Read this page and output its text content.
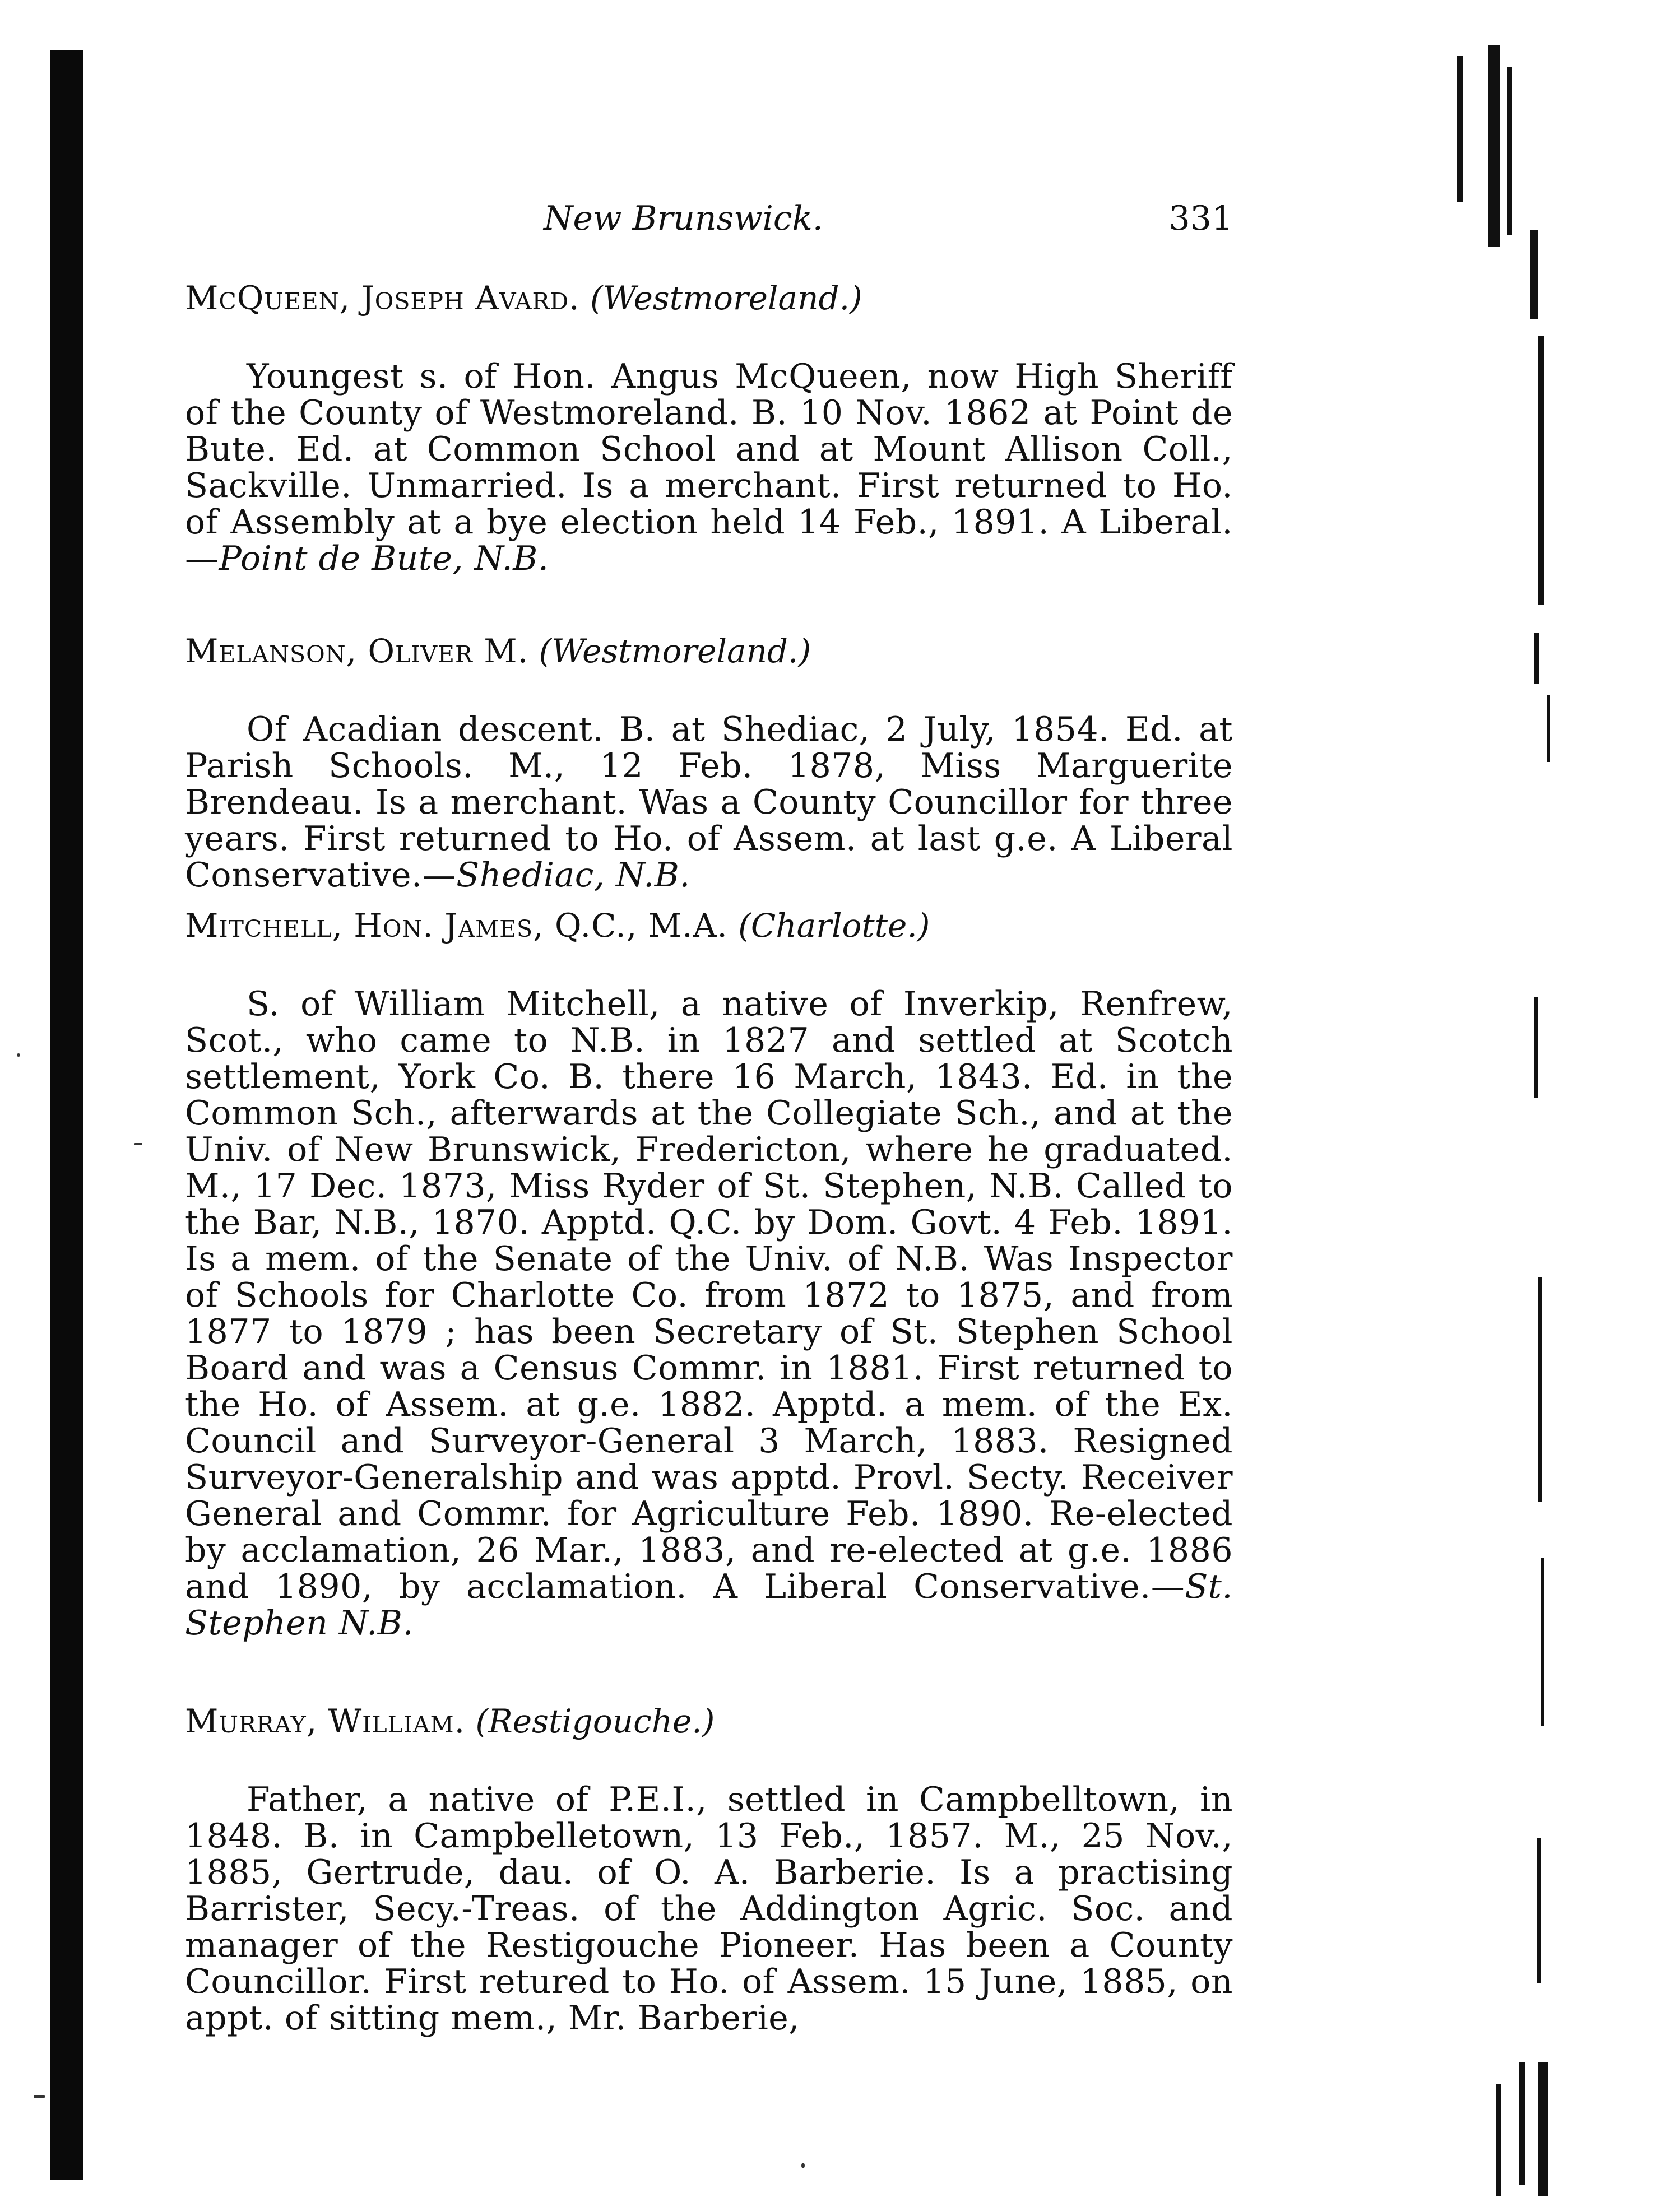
New Brunswick.	331

McQueen, Joseph Avard. (Westmoreland.)

Youngest s. of Hon. Angus McQueen, now High Sheriff of the County of Westmoreland. B. 10 Nov. 1862 at Point de Bute. Ed. at Common School and at Mount Allison Coll., Sackville. Unmarried. Is a merchant. First returned to Ho. of Assembly at a bye election held 14 Feb., 1891. A Liberal.—Point de Bute, N.B.

Melanson, Oliver M. (Westmoreland.)

Of Acadian descent. B. at Shediac, 2 July, 1854. Ed. at Parish Schools. M., 12 Feb. 1878, Miss Marguerite Brendeau. Is a merchant. Was a County Councillor for three years. First returned to Ho. of Assem. at last g.e. A Liberal Conservative.—Shediac, N.B.

Mitchell, Hon. James, Q.C., M.A. (Charlotte.)

S. of William Mitchell, a native of Inverkip, Renfrew, Scot., who came to N.B. in 1827 and settled at Scotch settlement, York Co. B. there 16 March, 1843. Ed. in the Common Sch., afterwards at the Collegiate Sch., and at the Univ. of New Brunswick, Fredericton, where he graduated. M., 17 Dec. 1873, Miss Ryder of St. Stephen, N.B. Called to the Bar, N.B., 1870. Apptd. Q.C. by Dom. Govt. 4 Feb. 1891. Is a mem. of the Senate of the Univ. of N.B. Was Inspector of Schools for Charlotte Co. from 1872 to 1875, and from 1877 to 1879 ; has been Secretary of St. Stephen School Board and was a Census Commr. in 1881. First returned to the Ho. of Assem. at g.e. 1882. Apptd. a mem. of the Ex. Council and Surveyor-General 3 March, 1883. Resigned Surveyor-Generalship and was apptd. Provl. Secty. Receiver General and Commr. for Agriculture Feb. 1890. Re-elected by acclamation, 26 Mar., 1883, and re-elected at g.e. 1886 and 1890, by acclamation. A Liberal Conservative.—St. Stephen N.B.

Murray, William. (Restigouche.)

Father, a native of P.E.I., settled in Campbelltown, in 1848. B. in Campbelletown, 13 Feb., 1857. M., 25 Nov., 1885, Gertrude, dau. of O. A. Barberie. Is a practising Barrister, Secy.-Treas. of the Addington Agric. Soc. and manager of the Restigouche Pioneer. Has been a County Councillor. First retured to Ho. of Assem. 15 June, 1885, on appt. of sitting mem., Mr. Barberie,
